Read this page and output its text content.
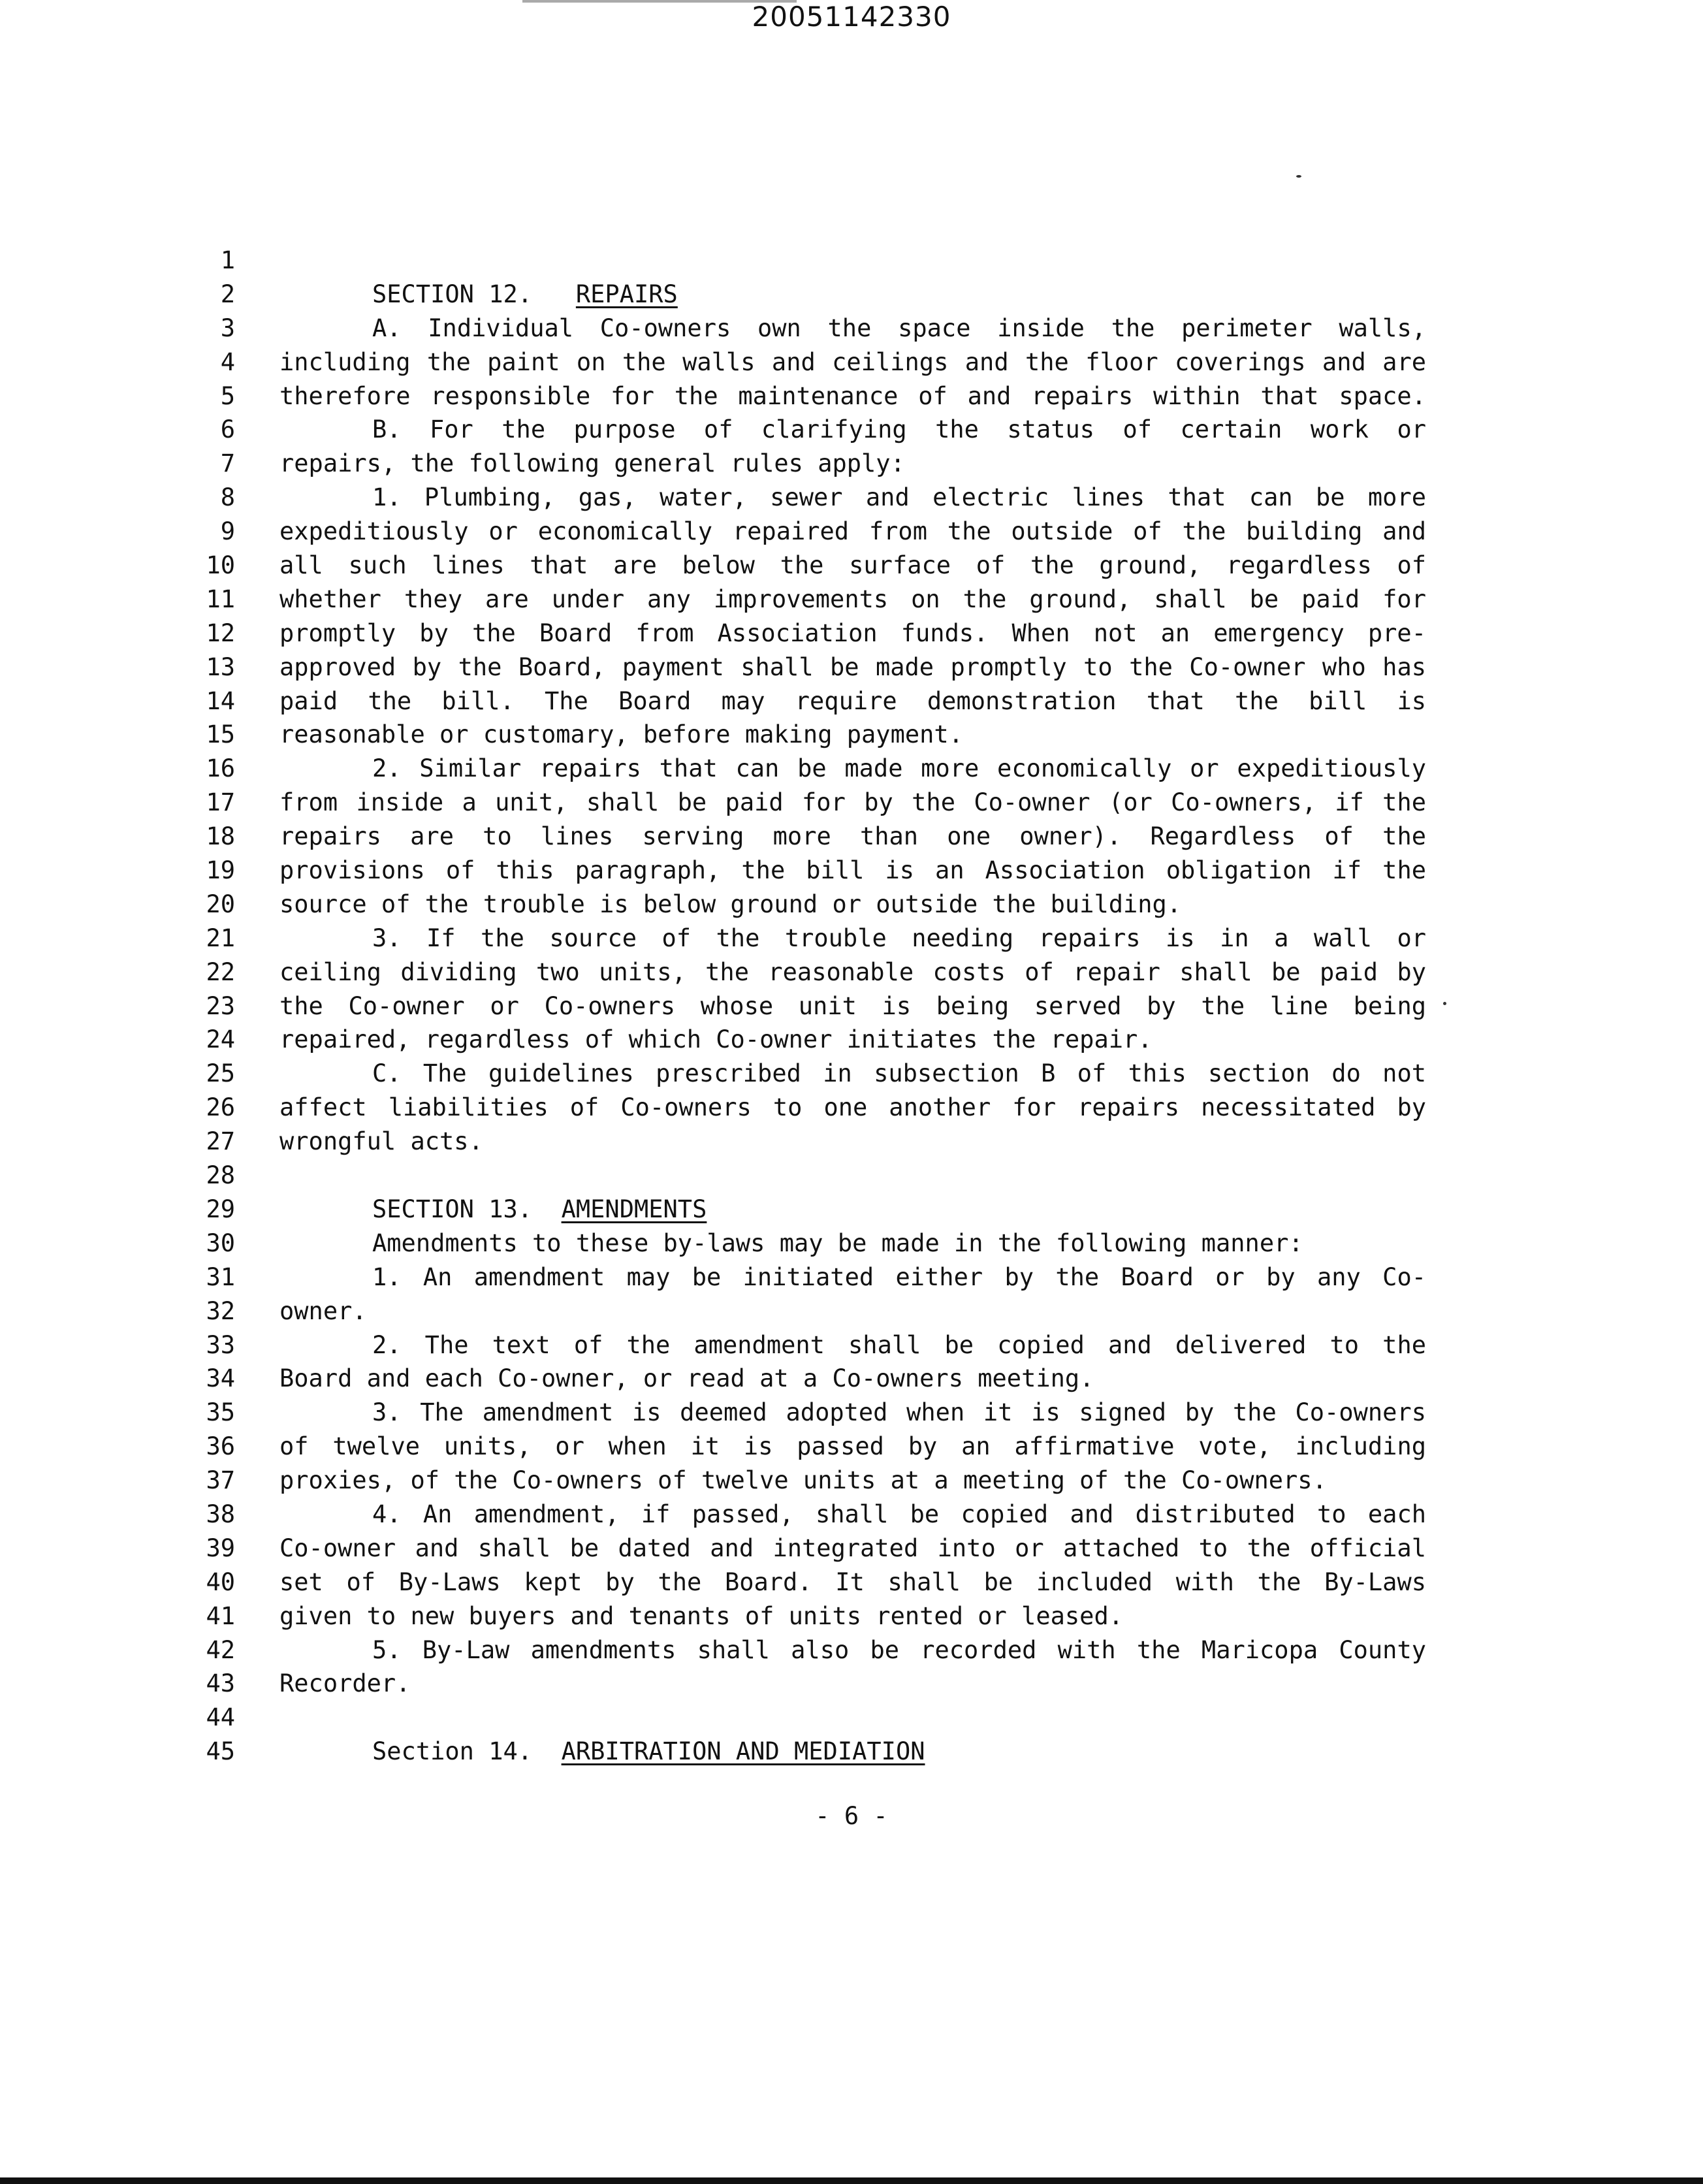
20051142330
1
2	SECTION 12.   REPAIRS
3	A. Individual Co-owners own the space inside the perimeter walls,
4 including the paint on the walls and ceilings and the floor coverings and are
5 therefore responsible for the maintenance of and repairs within that space.
6	B. For the purpose of clarifying the status of certain work or
7 repairs, the following general rules apply:
8	1. Plumbing, gas, water, sewer and electric lines that can be more
9 expeditiously or economically repaired from the outside of the building and
10 all such lines that are below the surface of the ground, regardless of
11 whether they are under any improvements on the ground, shall be paid for
12 promptly by the Board from Association funds. When not an emergency pre-
13 approved by the Board, payment shall be made promptly to the Co-owner who has
14 paid the bill. The Board may require demonstration that the bill is
15 reasonable or customary, before making payment.
16	2. Similar repairs that can be made more economically or expeditiously
17 from inside a unit, shall be paid for by the Co-owner (or Co-owners, if the
18 repairs are to lines serving more than one owner). Regardless of the
19 provisions of this paragraph, the bill is an Association obligation if the
20 source of the trouble is below ground or outside the building.
21	3. If the source of the trouble needing repairs is in a wall or
22 ceiling dividing two units, the reasonable costs of repair shall be paid by
23 the Co-owner or Co-owners whose unit is being served by the line being
24 repaired, regardless of which Co-owner initiates the repair.
25	C. The guidelines prescribed in subsection B of this section do not
26 affect liabilities of Co-owners to one another for repairs necessitated by
27 wrongful acts.
28
29	SECTION 13.  AMENDMENTS
30	Amendments to these by-laws may be made in the following manner:
31	1. An amendment may be initiated either by the Board or by any Co-
32 owner.
33	2. The text of the amendment shall be copied and delivered to the
34 Board and each Co-owner, or read at a Co-owners meeting.
35	3. The amendment is deemed adopted when it is signed by the Co-owners
36 of twelve units, or when it is passed by an affirmative vote, including
37 proxies, of the Co-owners of twelve units at a meeting of the Co-owners.
38	4. An amendment, if passed, shall be copied and distributed to each
39 Co-owner and shall be dated and integrated into or attached to the official
40 set of By-Laws kept by the Board. It shall be included with the By-Laws
41 given to new buyers and tenants of units rented or leased.
42	5. By-Law amendments shall also be recorded with the Maricopa County
43 Recorder.
44
45	Section 14.  ARBITRATION AND MEDIATION
- 6 -
